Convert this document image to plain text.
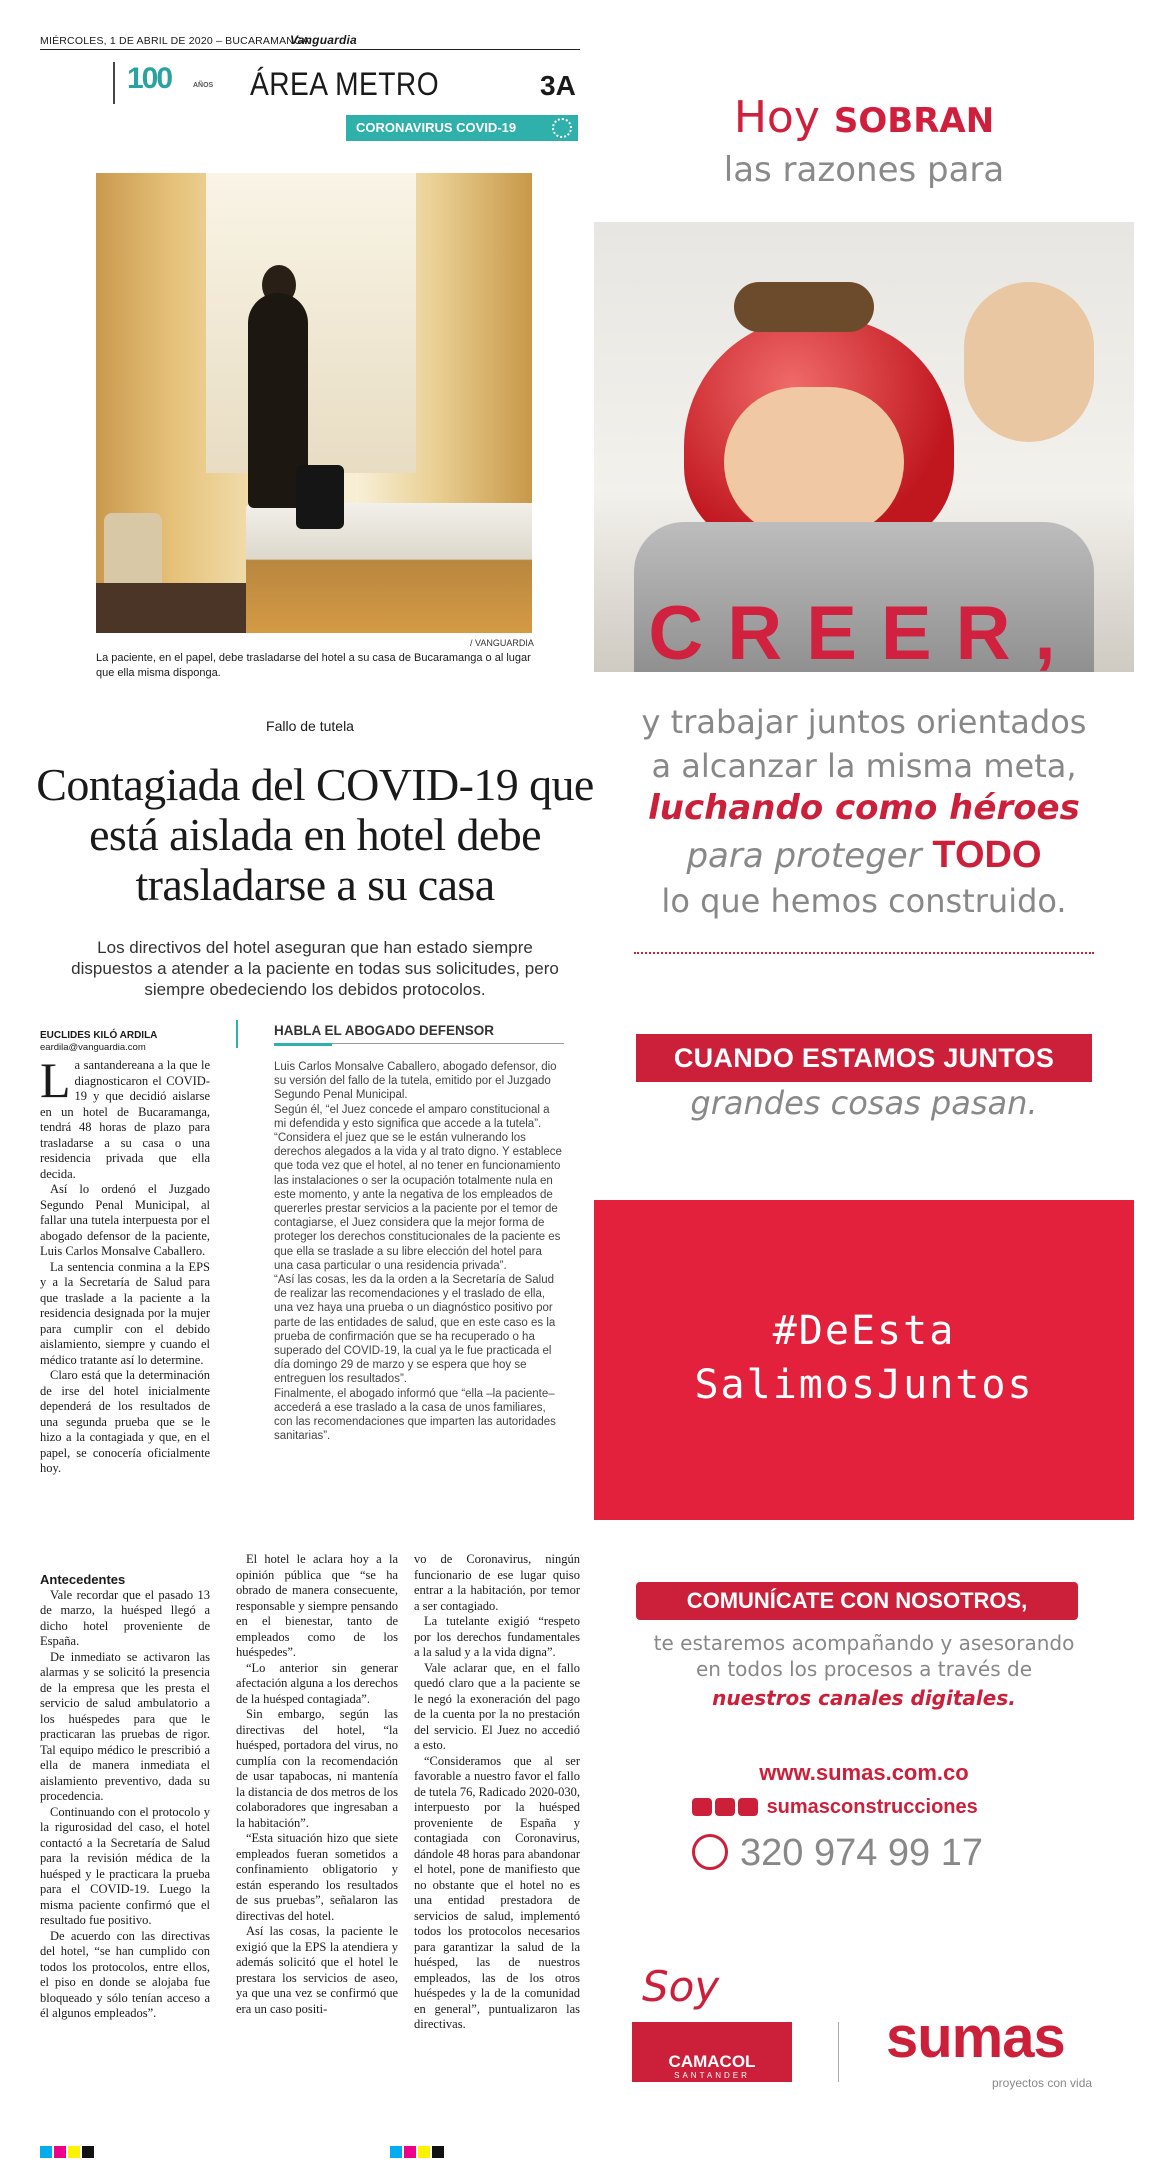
MIÉRCOLES, 1 DE ABRIL DE 2020 – BUCARAMANGA
Vanguardia
100	AÑOS ÁREA METRO	3A
CORONAVIRUS COVID-19
/ VANGUARDIA
La paciente, en el papel, debe trasladarse del hotel a su casa de Bucaramanga o al lugar que ella misma disponga.
Fallo de tutela
Contagiada del COVID-19 que está aislada en hotel debe trasladarse a su casa
Los directivos del hotel aseguran que han estado siempre dispuestos a atender a la paciente en todas sus solicitudes, pero siempre obedeciendo los debidos protocolos.
EUCLIDES KILÓ ARDILA
eardila@vanguardia.com

La santandereana a la que le diagnosticaron el COVID-19 y que decidió aislarse en un hotel de Bucaramanga, tendrá 48 horas de plazo para trasladarse a su casa o una residencia privada que ella decida.

Así lo ordenó el Juzgado Segundo Penal Municipal, al fallar una tutela interpuesta por el abogado defensor de la paciente, Luis Carlos Monsalve Caballero.

La sentencia conmina a la EPS y a la Secretaría de Salud para que traslade a la paciente a la residencia designada por la mujer para cumplir con el debido aislamiento, siempre y cuando el médico tratante así lo determine.

Claro está que la determinación de irse del hotel inicialmente dependerá de los resultados de una segunda prueba que se le hizo a la contagiada y que, en el papel, se conocería oficialmente hoy.

Antecedentes

Vale recordar que el pasado 13 de marzo, la huésped llegó a dicho hotel proveniente de España.

De inmediato se activaron las alarmas y se solicitó la presencia de la empresa que les presta el servicio de salud ambulatorio a los huéspedes para que le practicaran las pruebas de rigor. Tal equipo médico le prescribió a ella de manera inmediata el aislamiento preventivo, dada su procedencia.

Continuando con el protocolo y la rigurosidad del caso, el hotel contactó a la Secretaría de Salud para la revisión médica de la huésped y le practicara la prueba para el COVID-19. Luego la misma paciente confirmó que el resultado fue positivo.

De acuerdo con las directivas del hotel, “se han cumplido con todos los protocolos, entre ellos, el piso en donde se alojaba fue bloqueado y sólo tenían acceso a él algunos empleados”.

HABLA EL ABOGADO DEFENSOR

Luis Carlos Monsalve Caballero, abogado defensor, dio su versión del fallo de la tutela, emitido por el Juzgado Segundo Penal Municipal.

Según él, “el Juez concede el amparo constitucional a mi defendida y esto significa que accede a la tutela”.

“Considera el juez que se le están vulnerando los derechos alegados a la vida y al trato digno. Y establece que toda vez que el hotel, al no tener en funcionamiento las instalaciones o ser la ocupación totalmente nula en este momento, y ante la negativa de los empleados de quererles prestar servicios a la paciente por el temor de contagiarse, el Juez considera que la mejor forma de proteger los derechos constitucionales de la paciente es que ella se traslade a su libre elección del hotel para una casa particular o una residencia privada”.

“Así las cosas, les da la orden a la Secretaría de Salud de realizar las recomendaciones y el traslado de ella, una vez haya una prueba o un diagnóstico positivo por parte de las entidades de salud, que en este caso es la prueba de confirmación que se ha recuperado o ha superado del COVID-19, la cual ya le fue practicada el día domingo 29 de marzo y se espera que hoy se entreguen los resultados”.

Finalmente, el abogado informó que “ella –la paciente– accederá a ese traslado a la casa de unos familiares, con las recomendaciones que imparten las autoridades sanitarias”.

El hotel le aclara hoy a la opinión pública que “se ha obrado de manera consecuente, responsable y siempre pensando en el bienestar, tanto de empleados como de los huéspedes”.

“Lo anterior sin generar afectación alguna a los derechos de la huésped contagiada”.

Sin embargo, según las directivas del hotel, “la huésped, portadora del virus, no cumplía con la recomendación de usar tapabocas, ni mantenía la distancia de dos metros de los colaboradores que ingresaban a la habitación”.

“Esta situación hizo que siete empleados fueran sometidos a confinamiento obligatorio y están esperando los resultados de sus pruebas”, señalaron las directivas del hotel.

Así las cosas, la paciente le exigió que la EPS la atendiera y además solicitó que el hotel le prestara los servicios de aseo, ya que una vez se confirmó que era un caso positi-

vo de Coronavirus, ningún funcionario de ese lugar quiso entrar a la habitación, por temor a ser contagiado.

La tutelante exigió “respeto por los derechos fundamentales a la salud y a la vida digna”.

Vale aclarar que, en el fallo quedó claro que a la paciente se le negó la exoneración del pago de la cuenta por la no prestación del servicio. El Juez no accedió a esto.

“Consideramos que al ser favorable a nuestro favor el fallo de tutela 76, Radicado 2020-030, interpuesto por la huésped proveniente de España y contagiada con Coronavirus, dándole 48 horas para abandonar el hotel, pone de manifiesto que no obstante que el hotel no es una entidad prestadora de servicios de salud, implementó todos los protocolos necesarios para garantizar la salud de la huésped, las de nuestros empleados, las de los otros huéspedes y la de la comunidad en general”, puntualizaron las directivas.

Hoy SOBRAN
las razones para
CREER,
y trabajar juntos orientados
a alcanzar la misma meta,
luchando como héroes
para proteger TODO
lo que hemos construido.
CUANDO ESTAMOS JUNTOS
grandes cosas pasan.
#DeEsta
SalimosJuntos
COMUNÍCATE CON NOSOTROS,
te estaremos acompañando y asesorando
en todos los procesos a través de
nuestros canales digitales.
www.sumas.com.co
sumasconstrucciones
320 974 99 17
Soy
CAMACOL
SANTANDER
sumas
proyectos con vida
